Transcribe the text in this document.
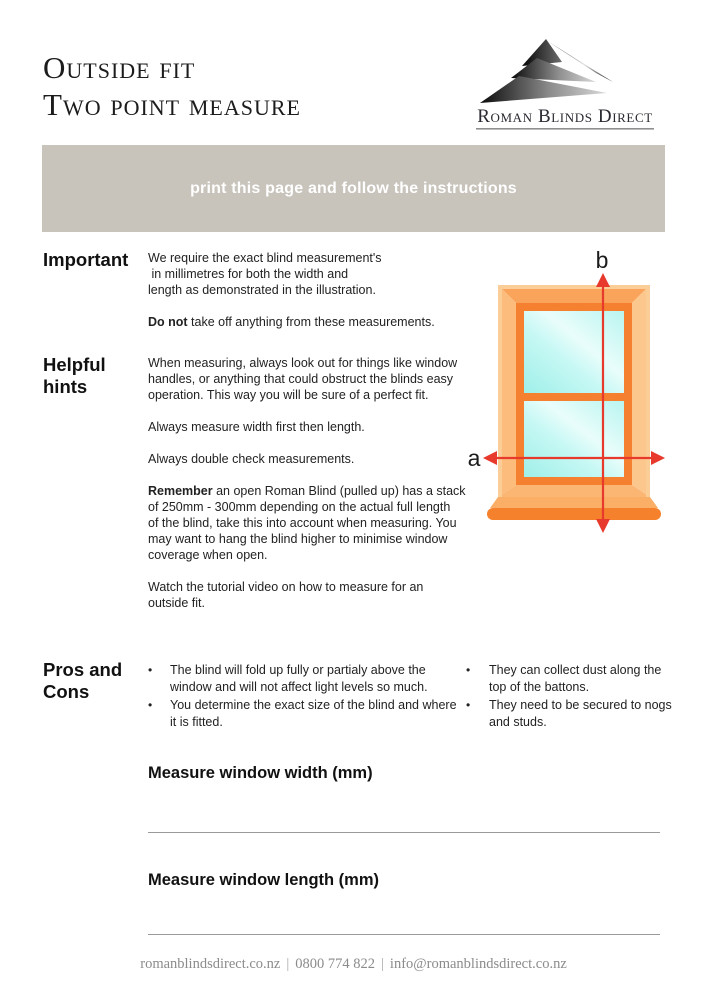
Outside fit
Two point measure	Roman Blinds Direct
print this page and follow the instructions
Important We require the exact blind measurement's
in millimetres for both the width and
length as demonstrated in the illustration.
Do not take off anything from these measurements.
Helpful
hints
When measuring, always look out for things like window
handles, or anything that could obstruct the blinds easy
operation. This way you will be sure of a perfect fit.
Always measure width first then length.
Always double check measurements.
Remember an open Roman Blind (pulled up) has a stack
of 250mm - 300mm depending on the actual full length
of the blind, take this into account when measuring. You
may want to hang the blind higher to minimise window
coverage when open.
Watch the tutorial video on how to measure for an
outside fit.
b
a
Pros and
Cons
•	The blind will fold up fully or partialy above the
window and will not affect light levels so much.
•	You determine the exact size of the blind and where
it is fitted.
•	They can collect dust along the
top of the battons.
•	They need to be secured to nogs
and studs.
Measure window width (mm)
Measure window length (mm)
romanblindsdirect.co.nz | 0800 774 822 | info@romanblindsdirect.co.nz
